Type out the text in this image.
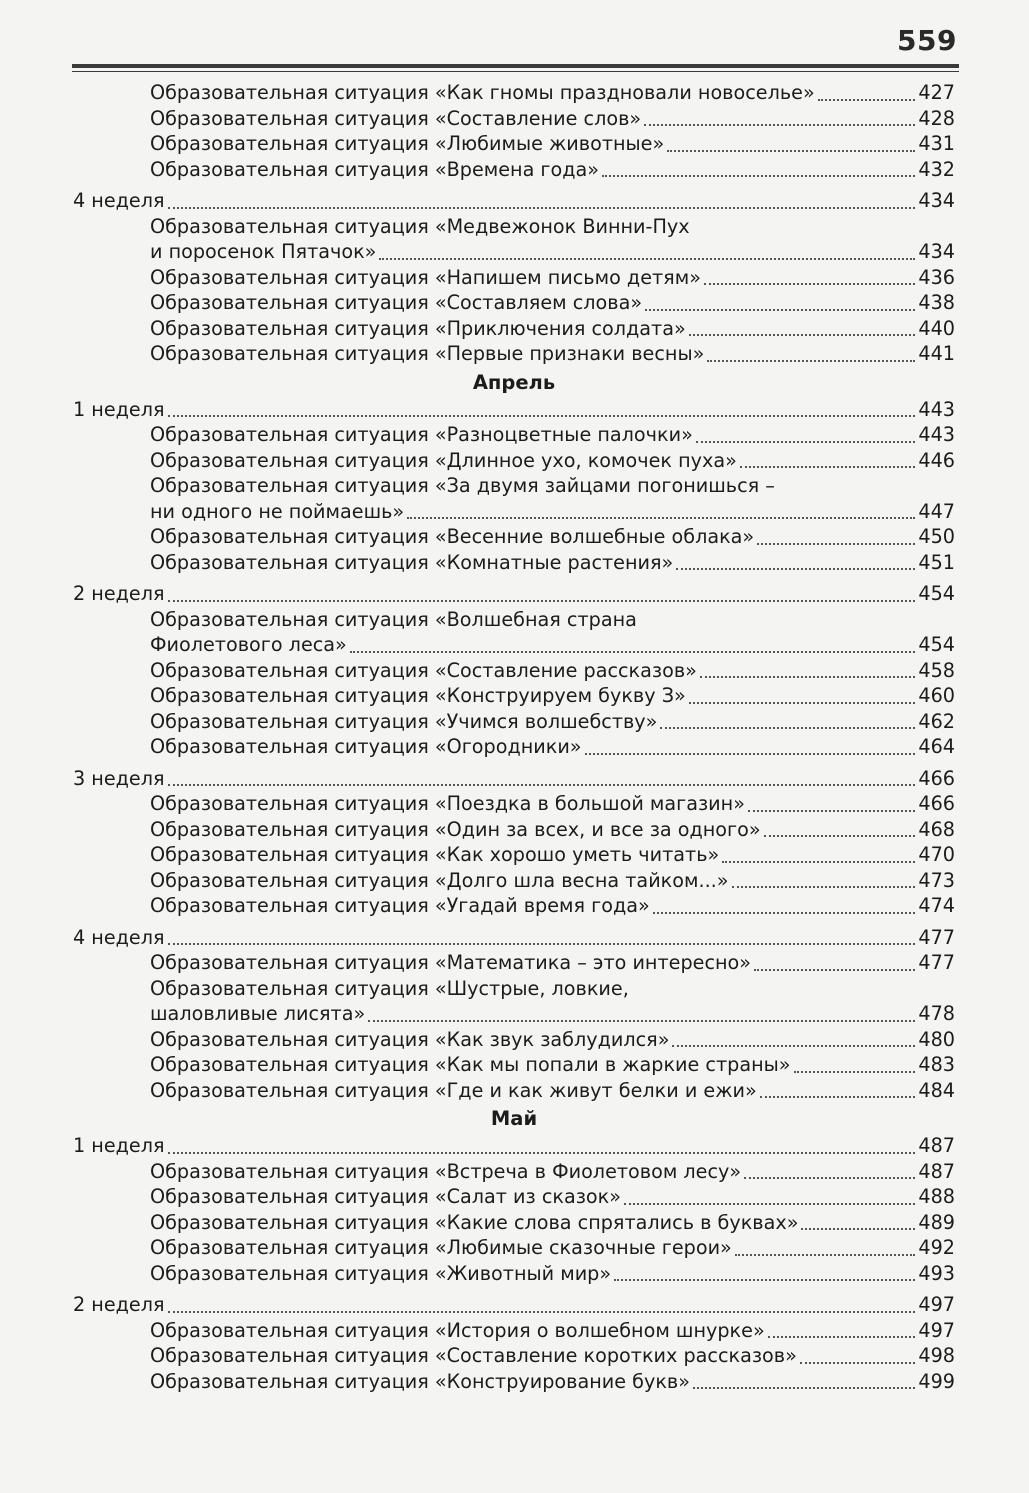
559
Образовательная ситуация «Как гномы праздновали новоселье»	427
Образовательная ситуация «Составление слов»	428
Образовательная ситуация «Любимые животные»	431
Образовательная ситуация «Времена года»	432
4 неделя	434
Образовательная ситуация «Медвежонок Винни-Пух
и поросенок Пятачок»	434
Образовательная ситуация «Напишем письмо детям»	436
Образовательная ситуация «Составляем слова»	438
Образовательная ситуация «Приключения солдата»	440
Образовательная ситуация «Первые признаки весны»	441
Апрель
1 неделя	443
Образовательная ситуация «Разноцветные палочки»	443
Образовательная ситуация «Длинное ухо, комочек пуха»	446
Образовательная ситуация «За двумя зайцами погонишься –
ни одного не поймаешь»	447
Образовательная ситуация «Весенние волшебные облака»	450
Образовательная ситуация «Комнатные растения»	451
2 неделя	454
Образовательная ситуация «Волшебная страна
Фиолетового леса»	454
Образовательная ситуация «Составление рассказов»	458
Образовательная ситуация «Конструируем букву З»	460
Образовательная ситуация «Учимся волшебству»	462
Образовательная ситуация «Огородники»	464
3 неделя	466
Образовательная ситуация «Поездка в большой магазин»	466
Образовательная ситуация «Один за всех, и все за одного»	468
Образовательная ситуация «Как хорошо уметь читать»	470
Образовательная ситуация «Долго шла весна тайком...»	473
Образовательная ситуация «Угадай время года»	474
4 неделя	477
Образовательная ситуация «Математика – это интересно»	477
Образовательная ситуация «Шустрые, ловкие,
шаловливые лисята»	478
Образовательная ситуация «Как звук заблудился»	480
Образовательная ситуация «Как мы попали в жаркие страны»	483
Образовательная ситуация «Где и как живут белки и ежи»	484
Май
1 неделя	487
Образовательная ситуация «Встреча в Фиолетовом лесу»	487
Образовательная ситуация «Салат из сказок»	488
Образовательная ситуация «Какие слова спрятались в буквах»	489
Образовательная ситуация «Любимые сказочные герои»	492
Образовательная ситуация «Животный мир»	493
2 неделя	497
Образовательная ситуация «История о волшебном шнурке»	497
Образовательная ситуация «Составление коротких рассказов»	498
Образовательная ситуация «Конструирование букв»	499
